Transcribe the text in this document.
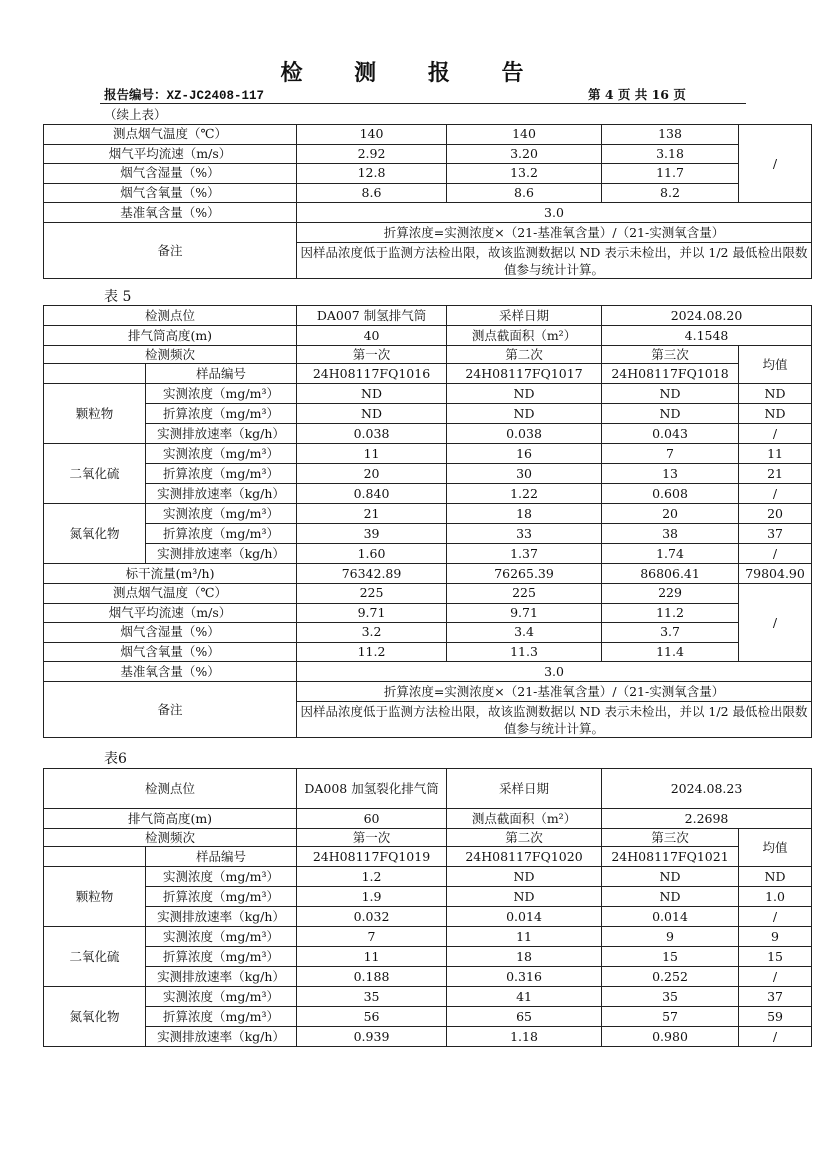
检 测 报 告
报告编号：XZ-JC2408-117	第 4 页 共 16 页
（续上表）
测点烟气温度（℃）	140	140	138	/
烟气平均流速（m/s）	2.92	3.20	3.18
烟气含湿量（%）	12.8	13.2	11.7
烟气含氧量（%）	8.6	8.6	8.2
基准氧含量（%）	3.0
备注	折算浓度=实测浓度×（21-基准氧含量）/（21-实测氧含量）
因样品浓度低于监测方法检出限，故该监测数据以 ND 表示未检出，并以 1/2 最低检出限数值参与统计计算。
表 5
检测点位	DA007 制氢排气筒	采样日期	2024.08.20
排气筒高度(m)	40	测点截面积（m²）	4.1548
检测频次	第一次	第二次	第三次	均值
	样品编号	24H08117FQ1016	24H08117FQ1017	24H08117FQ1018
颗粒物	实测浓度（mg/m³）	ND	ND	ND	ND
折算浓度（mg/m³）	ND	ND	ND	ND
实测排放速率（kg/h）	0.038	0.038	0.043	/
二氧化硫	实测浓度（mg/m³）	11	16	7	11
折算浓度（mg/m³）	20	30	13	21
实测排放速率（kg/h）	0.840	1.22	0.608	/
氮氧化物	实测浓度（mg/m³）	21	18	20	20
折算浓度（mg/m³）	39	33	38	37
实测排放速率（kg/h）	1.60	1.37	1.74	/
标干流量(m³/h)	76342.89	76265.39	86806.41	79804.90
测点烟气温度（℃）	225	225	229	/
烟气平均流速（m/s）	9.71	9.71	11.2
烟气含湿量（%）	3.2	3.4	3.7
烟气含氧量（%）	11.2	11.3	11.4
基准氧含量（%）	3.0
备注	折算浓度=实测浓度×（21-基准氧含量）/（21-实测氧含量）
因样品浓度低于监测方法检出限，故该监测数据以 ND 表示未检出，并以 1/2 最低检出限数值参与统计计算。
表6
检测点位	DA008 加氢裂化排气筒	采样日期	2024.08.23
排气筒高度(m)	60	测点截面积（m²）	2.2698
检测频次	第一次	第二次	第三次	均值
	样品编号	24H08117FQ1019	24H08117FQ1020	24H08117FQ1021
颗粒物	实测浓度（mg/m³）	1.2	ND	ND	ND
折算浓度（mg/m³）	1.9	ND	ND	1.0
实测排放速率（kg/h）	0.032	0.014	0.014	/
二氧化硫	实测浓度（mg/m³）	7	11	9	9
折算浓度（mg/m³）	11	18	15	15
实测排放速率（kg/h）	0.188	0.316	0.252	/
氮氧化物	实测浓度（mg/m³）	35	41	35	37
折算浓度（mg/m³）	56	65	57	59
实测排放速率（kg/h）	0.939	1.18	0.980	/
